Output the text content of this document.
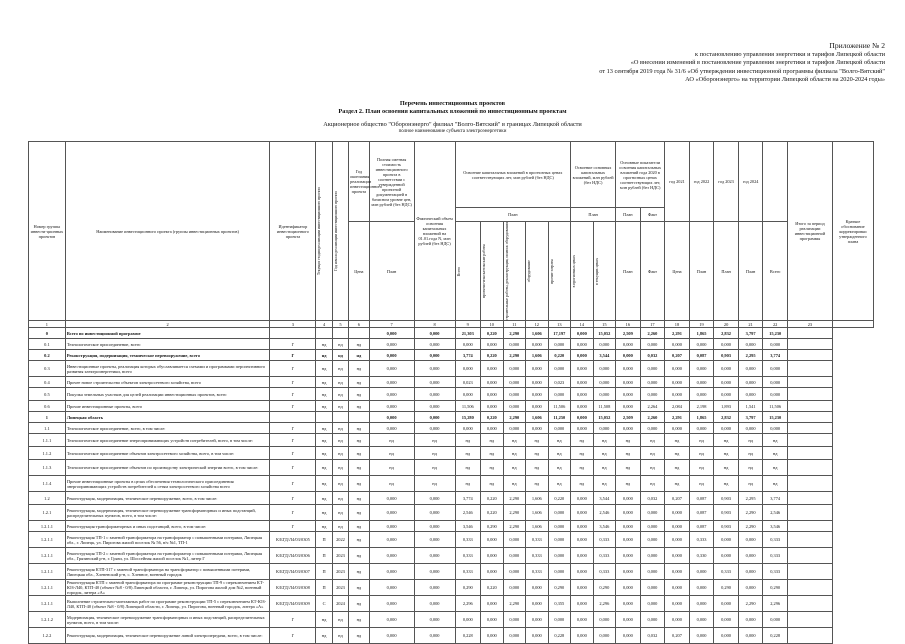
Приложение № 2
к постановлению управления энергетики и тарифов Липецкой области
«О внесении изменений в постановление управления энергетики и тарифов Липецкой области
от 13 сентября 2019 года № 31/6 «Об утверждении инвестиционной программы филиала "Волго-Вятский"
АО «Оборонэнерго» на территории Липецкой области на 2020-2024 годы»
Перечень инвестиционных проектов
Раздел 2. План освоения капитальных вложений по инвестиционным проектам
Акционерное общество "Оборонэнерго" филиал "Волго-Вятский" в границах Липецкой области
полное наименование субъекта электроэнергетики
Номер группы инвести-ционных проектов	Наименование инвестиционного проекта (группы инвестиционных проектов)	Идентификатор инвестиционного проекта	Текущая стадия реализации инвестиционного проекта	Год начала реализации инвестиционного проекта	Год окончания реализации инвестиционного проекта	Полная сметная стоимость инвестиционного проекта в соответствии с утвержденной проектной документацией в базисном уровне цен, млн рублей (без НДС)	Фактический объем освоения капитальных вложений на 01.01.года N, млн рублей (без НДС)	Освоение капитальных вложений в прогнозных ценах соответствующих лет, млн рублей (без НДС)					Освоение основных капитальных вложений, млн рублей (без НДС)		Основные показатели освоения капитальных вложений года 2020 в прогнозных ценах соответствующих лет, млн рублей (без НДС)		год 2021	год 2022	год 2023	год 2024		Итого за период реализации инвестиционной программы	Краткое обоснование корректировки утвержденного плана
								План					План		План	Факт							
					Цена	План		Всего	проектно-изыскательские работы	строительные работы, реконструкция, монтаж оборудования	оборудование	прочие затраты	в прогнозных ценах	в текущих ценах	План	Факт	Цена	План	План	План	Всего		
1	2	3	4	5	6	7	8	9	10	11	12	13	14	15	16	17	18	19	20	21	22	23	
0	Всего по инвестиционной программе					0,000	0,000	21,303	0,220	2,290	1,606	17,197	0,000	15,052	2,509	2,260	2,291	1,865	2,832	3,797	15,230		
0.1	Технологическое присоединение, всего	Г	нд	нд	нд	0,000	0,000	0,000	0,000	0,000	0,000	0,000	0,000	0,000	0,000	0,000	0,000	0,000	0,000	0,000	0,000		
0.2	Реконструкция, модернизация, техническое перевооружение, всего	Г	нд	нд	нд	0,000	0,000	3,774	0,220	2,290	1,606	0,220	0,000	3,544	0,000	0,032	0,207	0,087	0,903	2,295	3,774		
0.3	Инвестиционные проекты, реализация которых обуславливается схемами и программами перспективного развития электроэнергетики, всего	Г	нд	нд	нд	0,000	0,000	0,000	0,000	0,000	0,000	0,000	0,000	0,000	0,000	0,000	0,000	0,000	0,000	0,000	0,000		
0.4	Прочее новое строительство объектов электросетевого хозяйства, всего	Г	нд	нд	нд	0,000	0,000	0,023	0,000	0,000	0,000	0,023	0,000	0,000	0,000	0,000	0,000	0,000	0,000	0,000	0,000		
0.5	Покупка земельных участков для целей реализации инвестиционных проектов, всего	Г	нд	нд	нд	0,000	0,000	0,000	0,000	0,000	0,000	0,000	0,000	0,000	0,000	0,000	0,000	0,000	0,000	0,000	0,000		
0.6	Прочие инвестиционные проекты, всего	Г	нд	нд	нд	0,000	0,000	11,506	0,000	0,000	0,000	11,506	0,000	11,508	0,000	2,264	2,084	2,198	1,893	1,541	11,506		
1	Липецкая область					0,000	0,000	15,280	0,220	2,290	1,606	11,250	0,000	15,052	2,509	2,260	2,291	1,865	2,832	3,797	15,230		
1.1	Технологическое присоединение, всего, в том числе:	Г	нд	нд	нд	0,000	0,000	0,000	0,000	0,000	0,000	0,000	0,000	0,000	0,000	0,000	0,000	0,000	0,000	0,000	0,000		
1.1.1	Технологическое присоединение энергопринимающих устройств потребителей, всего, в том числе:	Г	нд	нд	нд	нд	нд	нд	нд	нд	нд	нд	нд	нд	нд	нд	нд	нд	нд	нд	нд		
1.1.2	Технологическое присоединение объектов электросетевого хозяйства, всего, в том числе:	Г	нд	нд	нд	нд	нд	нд	нд	нд	нд	нд	нд	нд	нд	нд	нд	нд	нд	нд	нд		
1.1.3	Технологическое присоединение объектов по производству электрической энергии всего, в том числе:	Г	нд	нд	нд	нд	нд	нд	нд	нд	нд	нд	нд	нд	нд	нд	нд	нд	нд	нд	нд		
1.1.4	Прочие инвестиционные проекты в целях обеспечения технологического присоединения энергопринимающих устройств потребителей к сетям электросетевого хозяйства всего	Г	нд	нд	нд	нд	нд	нд	нд	нд	нд	нд	нд	нд	нд	нд	нд	нд	нд	нд	нд		
1.2	Реконструкция, модернизация, техническое перевооружение, всего, в том числе:	Г	нд	нд	нд	0,000	0,000	3,774	0,220	2,290	1,606	0,220	0,000	3,544	0,000	0,032	0,207	0,087	0,903	2,295	3,774		
1.2.1	Реконструкция, модернизация, техническое перевооружение трансформаторных и иных подстанций, распределительных пунктов, всего, в том числе:	Г	нд	нд	нд	0,000	0,000	2,546	0,220	2,290	1,606	0,000	0,000	2,546	0,000	0,000	0,000	0,087	0,903	2,290	2,546		
1.2.1.1	Реконструкция трансформаторных и иных подстанций, всего, в том числе:	Г	нд	нд	нд	0,000	0,000	3,546	0,290	2,290	1,606	0,000	0,000	3,546	0,000	0,000	0,000	0,087	0,903	2,290	3,546		
1.2.1.1	Реконструкция ТП-1 с заменой трансформатора на трансформатор с повышенными потерями, Липецкая обл., г. Липецк, ул. Пирогова жилой поселок № 56, в/ч №1, ТП-1	К/БГД/Л4/03/0305	П	2022	нд	0,000	0,000	0,333	0,000	0,000	0,333	0,000	0,000	0,333	0,000	0,000	0,000	0,333	0,000	0,000	0,333		
1.2.1.1	Реконструкция ТП-2 с заменой трансформатора на трансформатор с повышенными потерями, Липецкая обл., Грязинский р-н, г. Грязи, ул. Шоссейная жилой поселок №1, литер Г	К/БГД/Л4/03/0306	П	2023	нд	0,000	0,000	0,333	0,000	0,000	0,333	0,000	0,000	0,333	0,000	0,000	0,000	0,330	0,000	0,000	0,333		
1.2.1.1	Реконструкция КТП-317 с заменой трансформатора на трансформатор с повышенными потерями, Липецкая обл., Хлевенский р-н, с. Хлевное, военный городок	К/БГД/Л4/03/0307	П	2023	нд	0,000	0,000	0,333	0,000	0,000	0,333	0,000	0,000	0,333	0,000	0,000	0,000	0,000	0,333	0,000	0,333		
1.2.1.1	Реконструкция КТП с заменой трансформатора по программе реконструкции ТП-9 с переключением КТ-ЮЗ-Л40, КТП-40 (объект №8 - 0/8) Липецкой области, г. Липецк, ул. Пирогова жилой дом №2, военный городок, литера «А»	К/БГД/Л4/03/0308	П	2023	нд	0,000	0,000	0,290	0,220	0,000	0,000	0,290	0,000	0,290	0,000	0,000	0,000	0,000	0,290	0,000	0,290		
1.2.1.1	Выполнение строительно-монтажных работ по программе реконструкции ТП-5 с переключением КТ-ЮЗ-Л40, КТП-40 (объект №8 - 0/8) Липецкой области, г. Липецк, ул. Пирогова, военный городок, литера «А»	К/БГД/Л4/03/0309	С	2024	нд	0,000	0,000	2,296	0,000	2,290	0,000	0,355	0,000	2,296	0,000	0,000	0,000	0,000	0,000	2,290	2,296		
1.2.1.2	Модернизация, техническое перевооружение трансформаторных и иных подстанций, распределительных пунктов, всего, в том числе:	Г	нд	нд	нд	0,000	0,000	0,000	0,000	0,000	0,000	0,000	0,000	0,000	0,000	0,000	0,000	0,000	0,000	0,000	0,000		
1.2.2	Реконструкция, модернизация, техническое перевооружение линий электропередачи, всего, в том числе:	Г	нд	нд	нд	0,000	0,000	0,228	0,000	0,000	0,000	0,228	0,000	0,000	0,000	0,032	0,207	0,000	0,000	0,000	0,228		
